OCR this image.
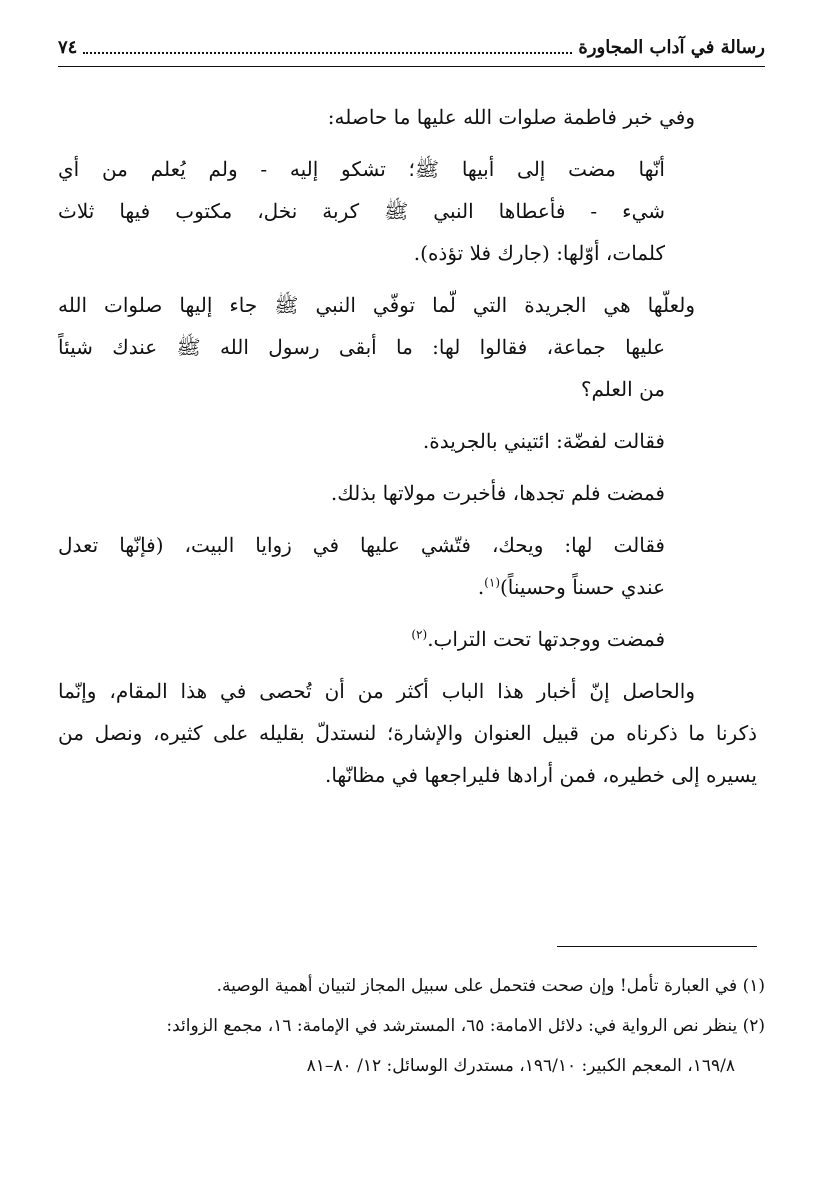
رسالة في آداب المجاورة
٧٤
وفي خبر فاطمة صلوات الله عليها ما حاصله:
أنّها مضت إلى أبيها ﷺ؛ تشكو إليه - ولم يُعلم من أي
شيء - فأعطاها النبي ﷺ كربة نخل، مكتوب فيها ثلاث
كلمات، أوّلها: (جارك فلا تؤذه).
ولعلّها هي الجريدة التي لّما توفّي النبي ﷺ جاء إليها صلوات الله
عليها جماعة، فقالوا لها: ما أبقى رسول الله ﷺ عندك شيئاً
من العلم؟
فقالت لفضّة: ائتيني بالجريدة.
فمضت فلم تجدها، فأخبرت مولاتها بذلك.
فقالت لها: ويحك، فتّشي عليها في زوايا البيت، (فإنّها تعدل
عندي حسناً وحسيناً)$^{(١)}$.
فمضت ووجدتها تحت التراب.$^{(٢)}$
والحاصل إنّ أخبار هذا الباب أكثر من أن تُحصى في هذا المقام، وإنّما
ذكرنا ما ذكرناه من قبيل العنوان والإشارة؛ لنستدلّ بقليله على كثيره، ونصل من
يسيره إلى خطيره، فمن أرادها فليراجعها في مظانّها.
(١) في العبارة تأمل! وإن صحت فتحمل على سبيل المجاز لتبيان أهمية الوصية.
(٢) ينظر نص الرواية في: دلائل الامامة: ٦٥، المسترشد في الإمامة: ١٦، مجمع الزوائد:
١٦٩/٨، المعجم الكبير: ١٩٦/١٠، مستدرك الوسائل: ١٢/ ٨٠–٨١
